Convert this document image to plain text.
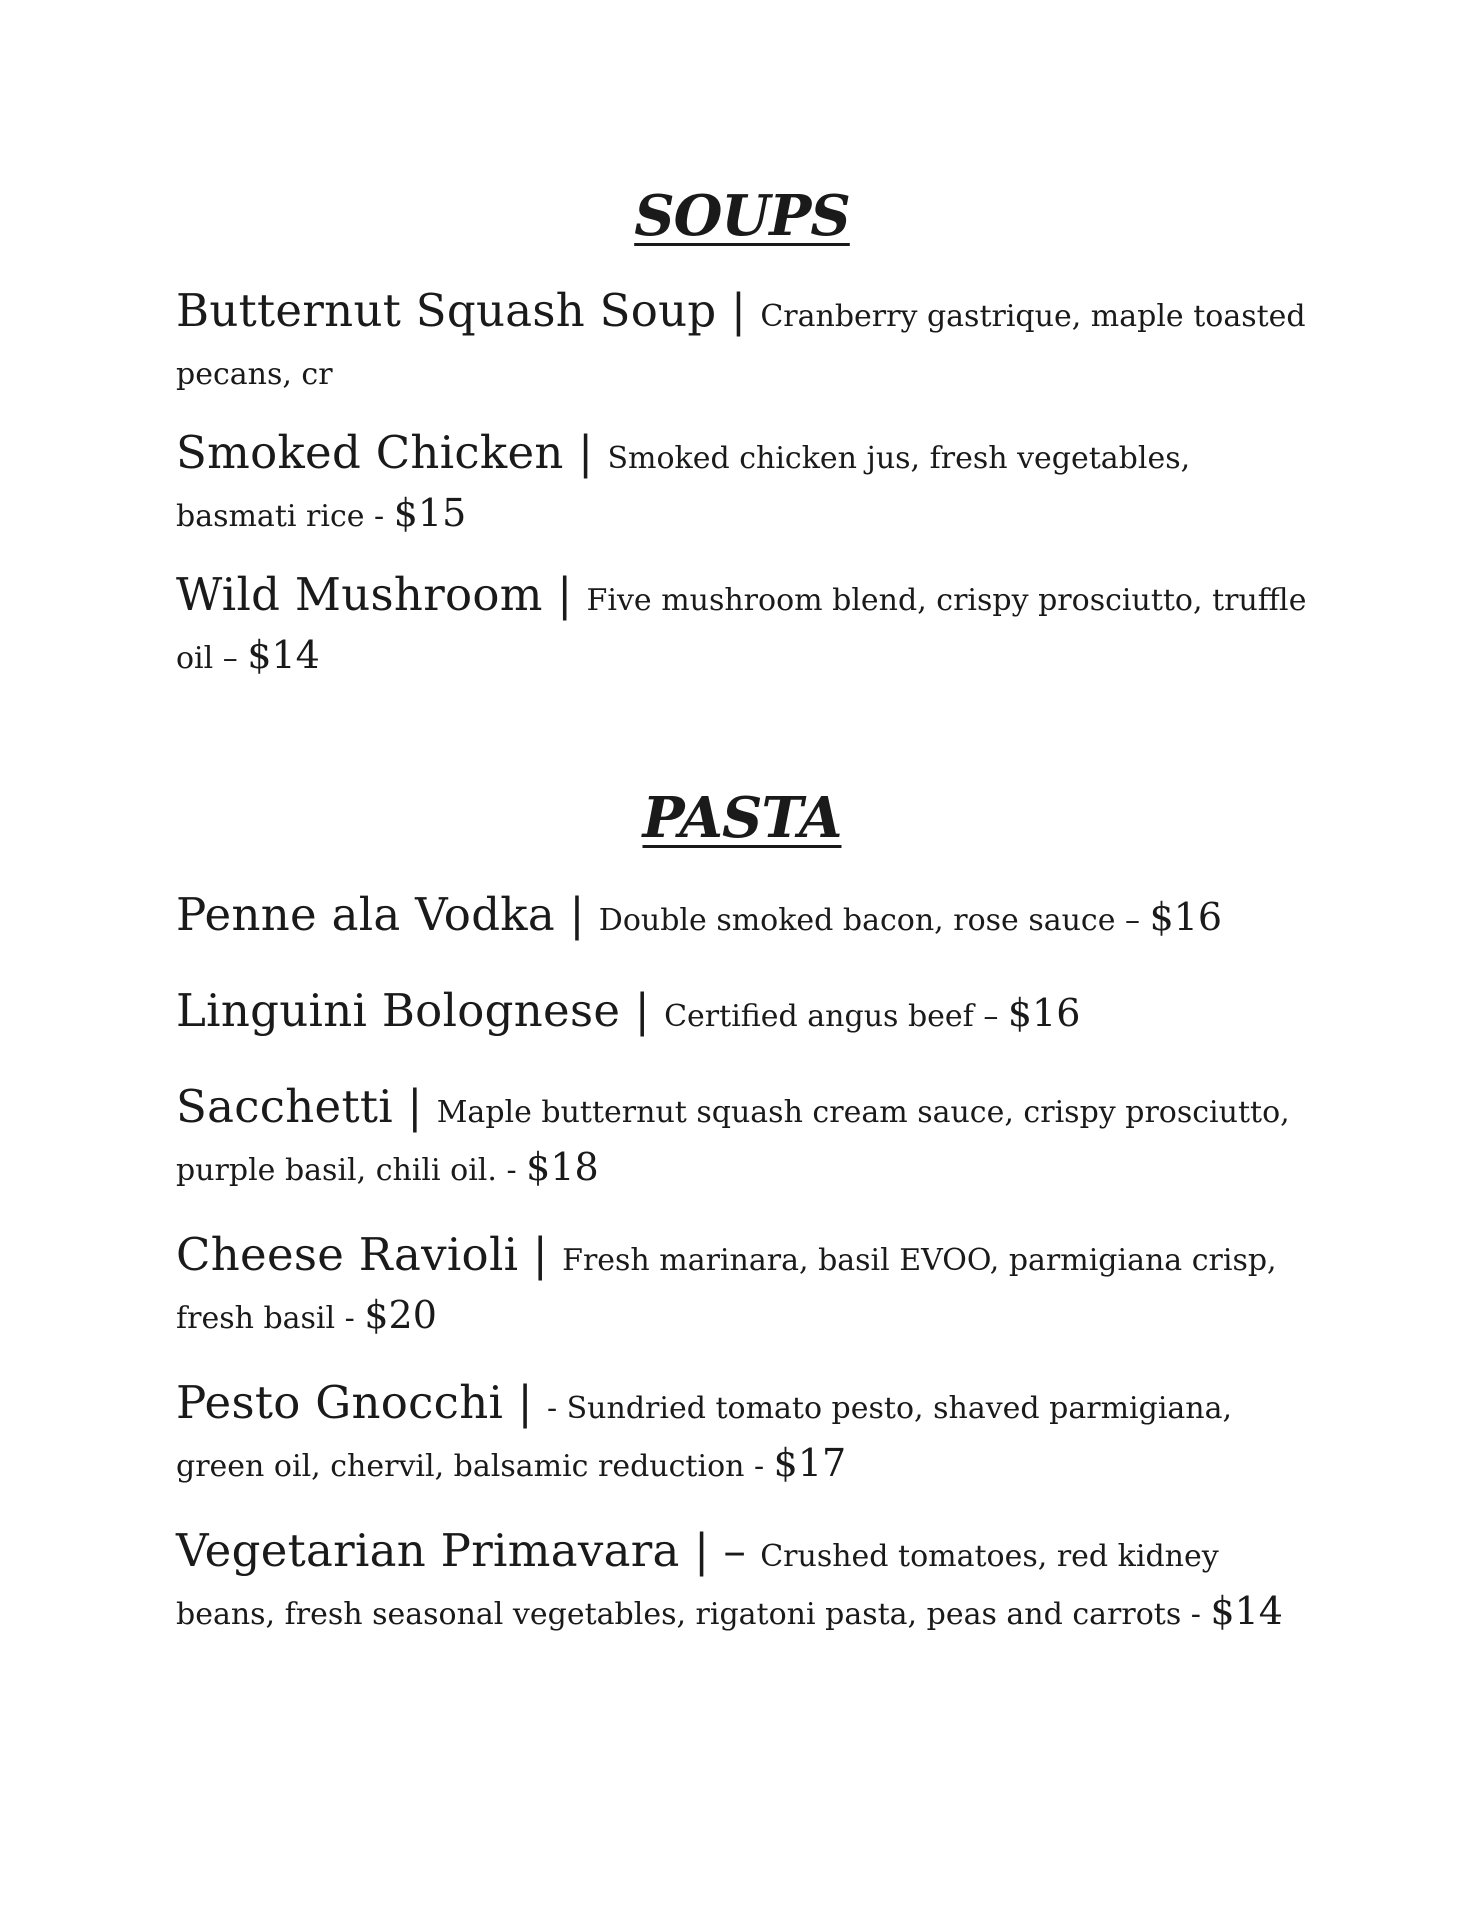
SOUPS

Butternut Squash Soup | Cranberry gastrique, maple toasted pecans, cr

Smoked Chicken | Smoked chicken jus, fresh vegetables, basmati rice - $15

Wild Mushroom | Five mushroom blend, crispy prosciutto, truffle oil – $14

PASTA

Penne ala Vodka | Double smoked bacon, rose sauce – $16

Linguini Bolognese | Certified angus beef – $16

Sacchetti | Maple butternut squash cream sauce, crispy prosciutto, purple basil, chili oil. - $18

Cheese Ravioli | Fresh marinara, basil EVOO, parmigiana crisp, fresh basil - $20

Pesto Gnocchi | - Sundried tomato pesto, shaved parmigiana, green oil, chervil, balsamic reduction - $17

Vegetarian Primavara | – Crushed tomatoes, red kidney beans, fresh seasonal vegetables, rigatoni pasta, peas and carrots - $14
